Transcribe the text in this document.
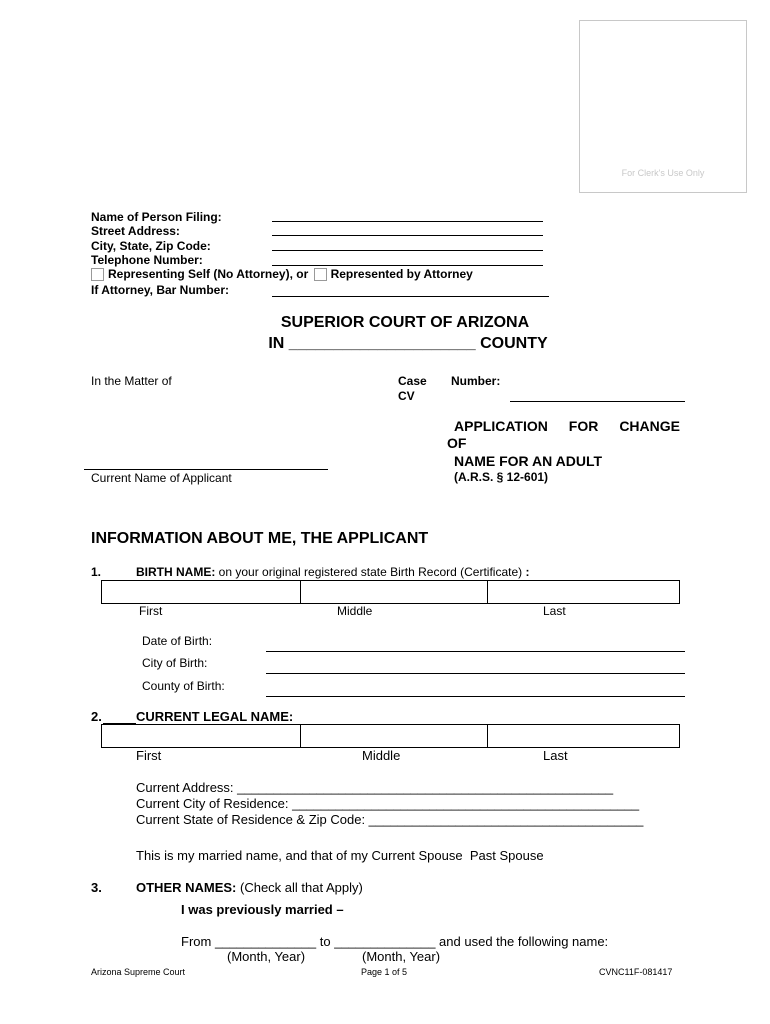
For Clerk's Use Only
Name of Person Filing:
Street Address:
City, State, Zip Code:
Telephone Number:
Representing Self (No Attorney), or Represented by Attorney
If Attorney, Bar Number:
SUPERIOR COURT OF ARIZONA
IN _____________________ COUNTY
In the Matter of	Case
CV
Number:
Current Name of Applicant
APPLICATION FOR CHANGE
OF
NAME FOR AN ADULT
(A.R.S. § 12-601)
INFORMATION ABOUT ME, THE APPLICANT
1.	BIRTH NAME: on your original registered state Birth Record (Certificate) :
First	Middle	Last
Date of Birth:
City of Birth:
County of Birth:
2.	CURRENT LEGAL NAME:
First	Middle	Last
Current Address: ____________________________________________________
Current City of Residence: ________________________________________________
Current State of Residence & Zip Code: ______________________________________
This is my married name, and that of my Current Spouse Past Spouse
3.	OTHER NAMES: (Check all that Apply)
I was previously married –
From ______________ to ______________ and used the following name:
(Month, Year)	(Month, Year)
Arizona Supreme Court	Page 1 of 5	CVNC11F-081417
